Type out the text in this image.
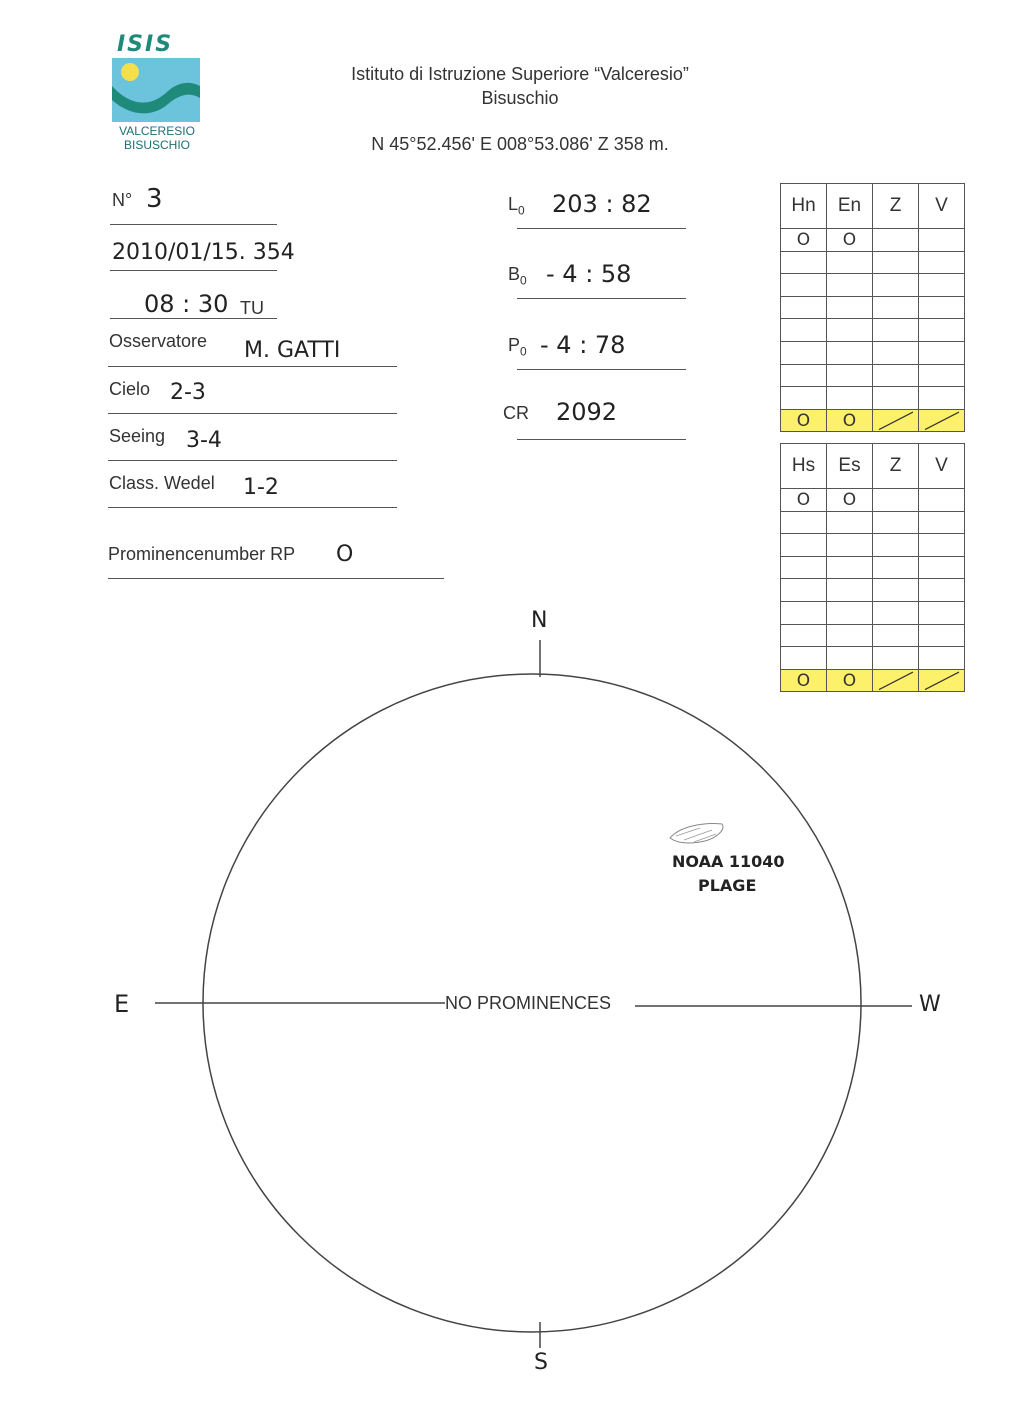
ISIS
VALCERESIO
BISUSCHIO
Istituto di Istruzione Superiore “Valceresio”
Bisuschio
N 45°52.456' E 008°53.086' Z 358 m.
N° 3
2010/01/15. 354
08 : 30 TU
Osservatore M. GATTI
Cielo 2-3
Seeing 3-4
Class. Wedel 1-2
Prominencenumber RP O
$L_0$ 203 : 82
$B_0 - 4$ : 58
$P_0 - 4$ : 78
CR 2092
Hn	En	Z	V
O	O		

O	O	

Hs	Es	Z	V
O	O		

O	O	

N
S
E	W
NO PROMINENCES
NOAA 11040
PLAGE
